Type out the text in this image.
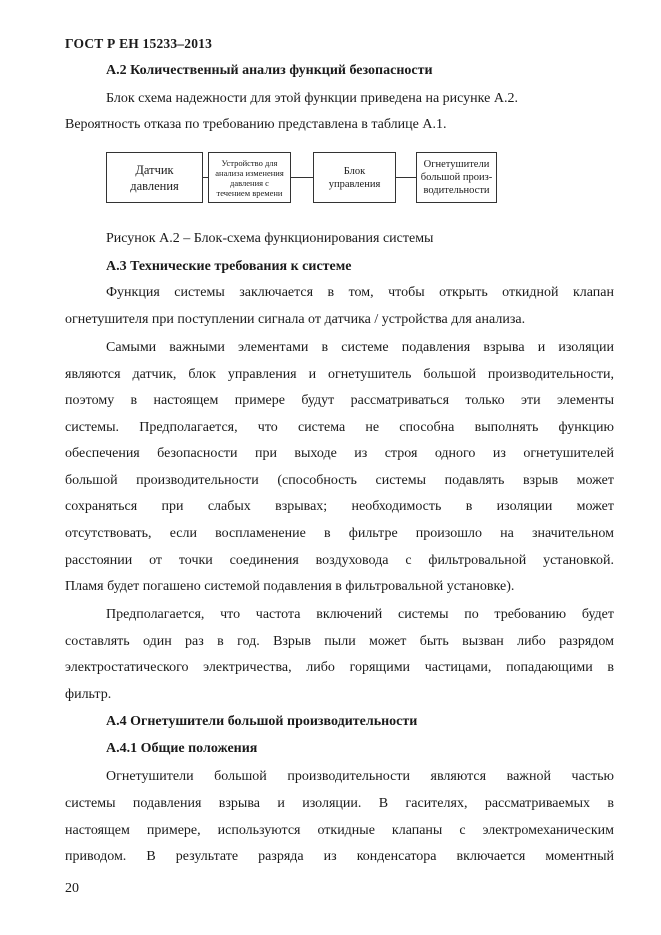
ГОСТ Р ЕН 15233–2013
А.2 Количественный анализ функций безопасности
Блок схема надежности для этой функции приведена на рисунке А.2.
Вероятность отказа по требованию представлена в таблице А.1.
Датчик
давления
Устройство для
анализа изменения
давления с
течением времени
Блок
управления
Огнетушители
большой произ-
водительности
Рисунок А.2 – Блок-схема функционирования системы
А.3 Технические требования к системе
Функция системы заключается в том, чтобы открыть откидной клапан
огнетушителя при поступлении сигнала от датчика / устройства для анализа.
Самыми важными элементами в системе подавления взрыва и изоляции
являются датчик, блок управления и огнетушитель большой производительности,
поэтому в настоящем примере будут рассматриваться только эти элементы
системы. Предполагается, что система не способна выполнять функцию
обеспечения безопасности при выходе из строя одного из огнетушителей
большой производительности (способность системы подавлять взрыв может
сохраняться при слабых взрывах; необходимость в изоляции может
отсутствовать, если воспламенение в фильтре произошло на значительном
расстоянии от точки соединения воздуховода с фильтровальной установкой.
Пламя будет погашено системой подавления в фильтровальной установке).
Предполагается, что частота включений системы по требованию будет
составлять один раз в год. Взрыв пыли может быть вызван либо разрядом
электростатического электричества, либо горящими частицами, попадающими в
фильтр.
А.4 Огнетушители большой производительности
А.4.1 Общие положения
Огнетушители большой производительности являются важной частью
системы подавления взрыва и изоляции. В гасителях, рассматриваемых в
настоящем примере, используются откидные клапаны с электромеханическим
приводом. В результате разряда из конденсатора включается моментный
20
